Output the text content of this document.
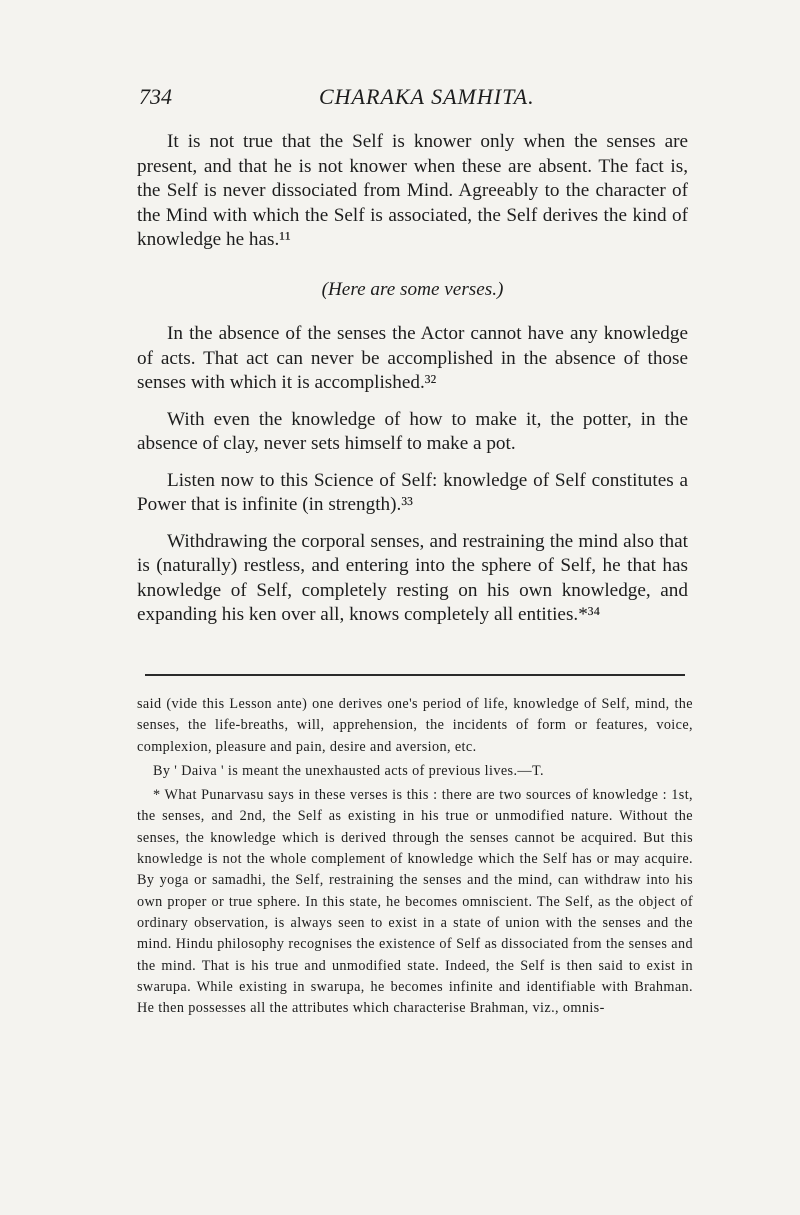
734	CHARAKA SAMHITA.

It is not true that the Self is knower only when the senses are present, and that he is not knower when these are absent. The fact is, the Self is never dissociated from Mind. Agreeably to the character of the Mind with which the Self is associated, the Self derives the kind of knowledge he has.¹¹

(Here are some verses.)

In the absence of the senses the Actor cannot have any knowledge of acts. That act can never be accomplished in the absence of those senses with which it is accomplished.³²

With even the knowledge of how to make it, the potter, in the absence of clay, never sets himself to make a pot.

Listen now to this Science of Self: knowledge of Self constitutes a Power that is infinite (in strength).³³

Withdrawing the corporal senses, and restraining the mind also that is (naturally) restless, and entering into the sphere of Self, he that has knowledge of Self, completely resting on his own knowledge, and expanding his ken over all, knows completely all entities.*³⁴

said (vide this Lesson ante) one derives one's period of life, knowledge of Self, mind, the senses, the life-breaths, will, apprehension, the incidents of form or features, voice, complexion, pleasure and pain, desire and aversion, etc.

By ' Daiva ' is meant the unexhausted acts of previous lives.—T.

* What Punarvasu says in these verses is this : there are two sources of knowledge : 1st, the senses, and 2nd, the Self as existing in his true or unmodified nature. Without the senses, the knowledge which is derived through the senses cannot be acquired. But this knowledge is not the whole complement of knowledge which the Self has or may acquire. By yoga or samadhi, the Self, restraining the senses and the mind, can withdraw into his own proper or true sphere. In this state, he becomes omniscient. The Self, as the object of ordinary observation, is always seen to exist in a state of union with the senses and the mind. Hindu philosophy recognises the existence of Self as dissociated from the senses and the mind. That is his true and unmodified state. Indeed, the Self is then said to exist in swarupa. While existing in swarupa, he becomes infinite and identifiable with Brahman. He then possesses all the attributes which characterise Brahman, viz., omnis-
